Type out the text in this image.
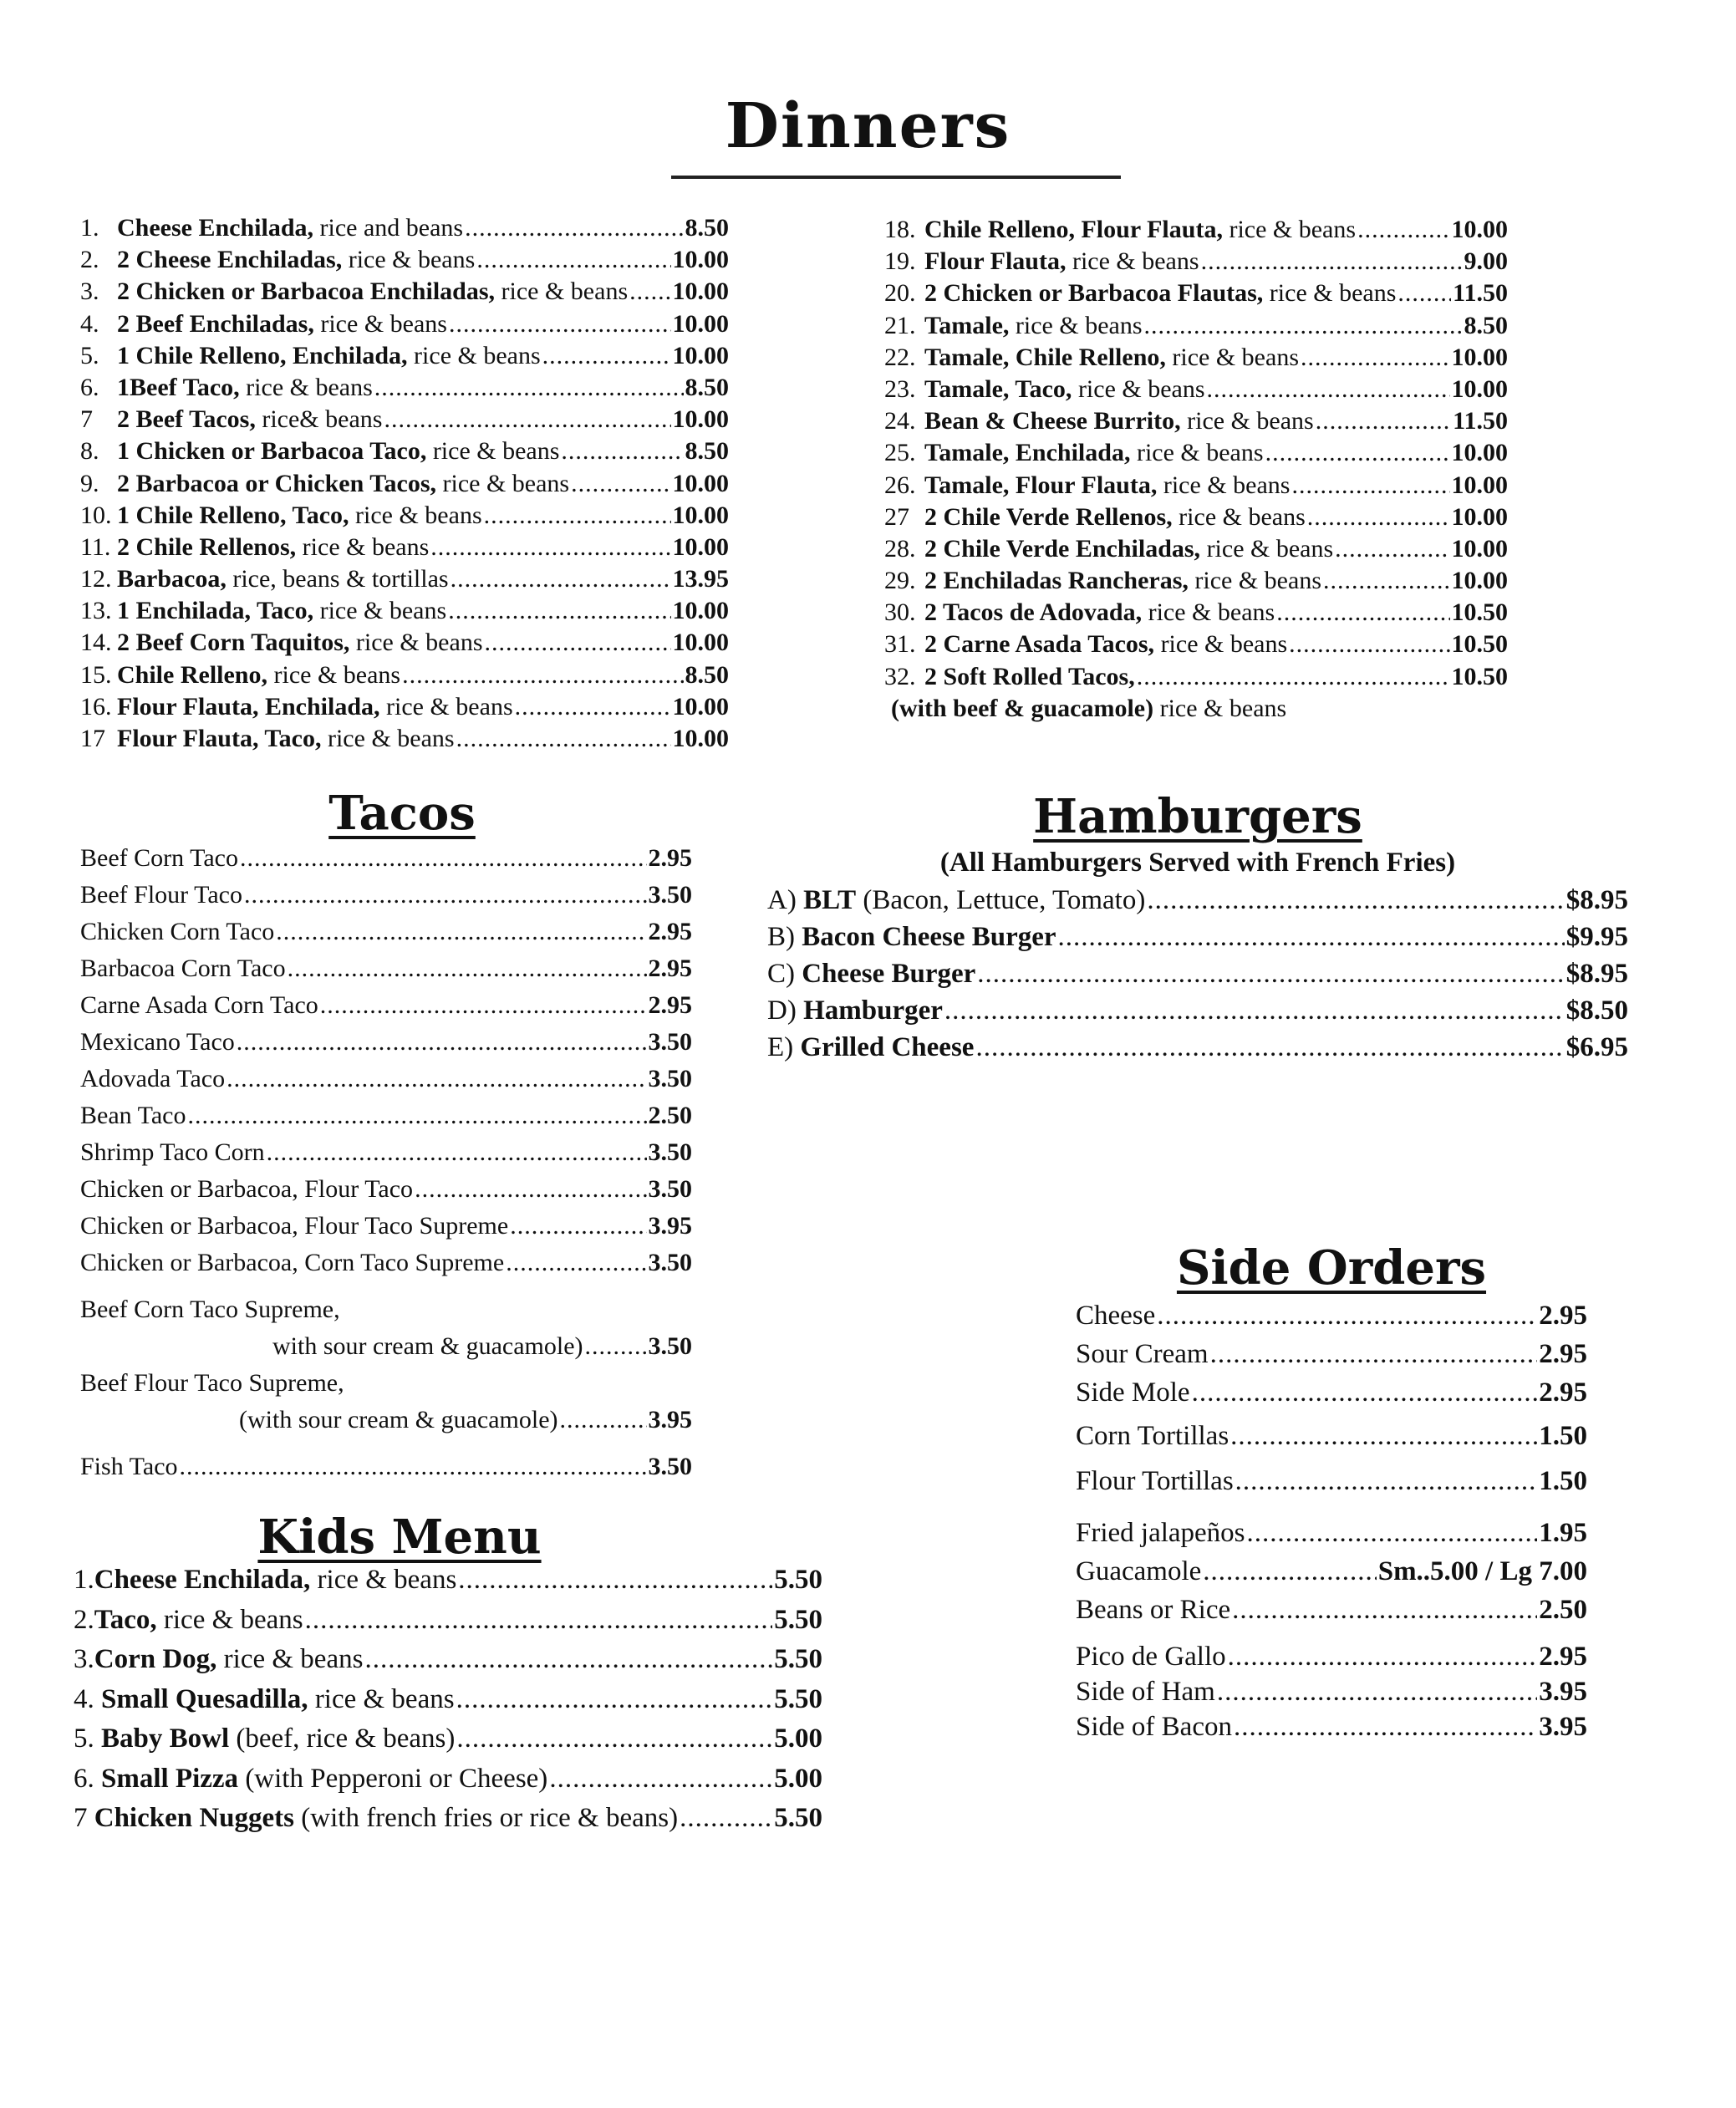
Dinners
1. Cheese Enchilada, rice and beans .....	8.50
2. 2 Cheese Enchiladas, rice & beans .....	10.00
3. 2 Chicken or Barbacoa Enchiladas, rice & beans ..... 10.00
4. 2 Beef Enchiladas, rice & beans .....	10.00
5. 1 Chile Relleno, Enchilada, rice & beans .....	10.00
6. 1Beef Taco, rice & beans .....	8.50
7 2 Beef Tacos, rice& beans .....	10.00
8. 1 Chicken or Barbacoa Taco, rice & beans .....	8.50
9. 2 Barbacoa or Chicken Tacos, rice & beans .....	10.00
10. 1 Chile Relleno, Taco, rice & beans .....	10.00
11. 2 Chile Rellenos, rice & beans .....	10.00
12. Barbacoa, rice, beans & tortillas .....	13.95
13. 1 Enchilada, Taco, rice & beans .....	10.00
14. 2 Beef Corn Taquitos, rice & beans .....	10.00
15. Chile Relleno, rice & beans .....	8.50
16. Flour Flauta, Enchilada, rice & beans .....	10.00
17 Flour Flauta, Taco, rice & beans .....	10.00
18. Chile Relleno, Flour Flauta, rice & beans .....	10.00
19. Flour Flauta, rice & beans .....	9.00
20. 2 Chicken or Barbacoa Flautas, rice & beans ..... 11.50
21. Tamale, rice & beans .....	8.50
22. Tamale, Chile Relleno, rice & beans .....	10.00
23. Tamale, Taco, rice & beans .....	10.00
24. Bean & Cheese Burrito, rice & beans .....	11.50
25. Tamale, Enchilada, rice & beans .....	10.00
26. Tamale, Flour Flauta, rice & beans .....	10.00
27 2 Chile Verde Rellenos, rice & beans .....	10.00
28. 2 Chile Verde Enchiladas, rice & beans .....	10.00
29. 2 Enchiladas Rancheras, rice & beans .....	10.00
30. 2 Tacos de Adovada, rice & beans .....	10.50
31. 2 Carne Asada Tacos, rice & beans .....	10.50
32. 2 Soft Rolled Tacos, .....	10.50
(with beef & guacamole) rice & beans
Tacos
Beef Corn Taco .....	2.95
Beef Flour Taco .....	3.50
Chicken Corn Taco .....	2.95
Barbacoa Corn Taco .....	2.95
Carne Asada Corn Taco .....	2.95
Mexicano Taco .....	3.50
Adovada Taco .....	3.50
Bean Taco .....	2.50
Shrimp Taco Corn .....	3.50
Chicken or Barbacoa, Flour Taco .....	3.50
Chicken or Barbacoa, Flour Taco Supreme .....	3.95
Chicken or Barbacoa, Corn Taco Supreme .....	3.50
Beef Corn Taco Supreme,
with sour cream & guacamole) .....	3.50
Beef Flour Taco Supreme,
(with sour cream & guacamole) .....	3.95
Fish Taco .....	3.50
Kids Menu
1.Cheese Enchilada, rice & beans .....	5.50
2.Taco, rice & beans .....	5.50
3.Corn Dog, rice & beans .....	5.50
4. Small Quesadilla, rice & beans .....	5.50
5. Baby Bowl (beef, rice & beans) .....	5.00
6. Small Pizza (with Pepperoni or Cheese) .....	5.00
7 Chicken Nuggets (with french fries or rice & beans) .....	5.50
Hamburgers
(All Hamburgers Served with French Fries)
A) BLT (Bacon, Lettuce, Tomato) .....	$8.95
B) Bacon Cheese Burger .....	$9.95
C) Cheese Burger .....	$8.95
D) Hamburger .....	$8.50
E) Grilled Cheese .....	$6.95
Side Orders
Cheese .....	2.95
Sour Cream .....	2.95
Side Mole .....	2.95
Corn Tortillas .....	1.50
Flour Tortillas .....	1.50
Fried jalapeños .....	1.95
Guacamole .....	Sm..5.00 / Lg 7.00
Beans or Rice .....	2.50
Pico de Gallo .....	2.95
Side of Ham .....	3.95
Side of Bacon .....	3.95
